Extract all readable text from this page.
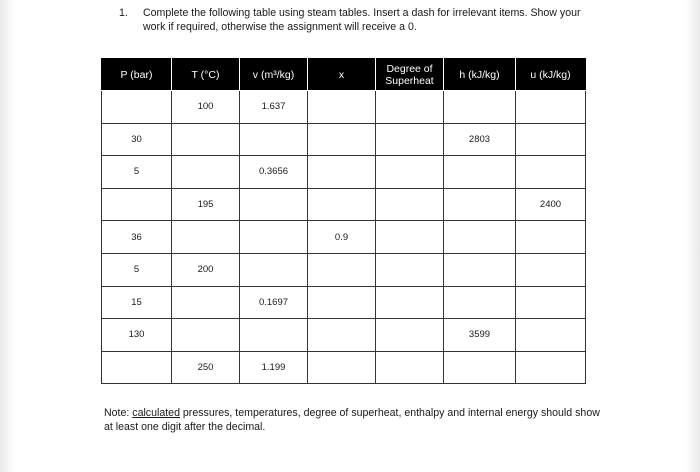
1. Complete the following table using steam tables. Insert a dash for irrelevant items. Show your work if required, otherwise the assignment will receive a 0.
P (bar)	T (°C)	v (m³/kg)	x	Degree of Superheat	h (kJ/kg)	u (kJ/kg)
	100	1.637				
30					2803	
5		0.3656				
	195					2400
36			0.9			
5	200					
15		0.1697				
130					3599	
	250	1.199				
Note: calculated pressures, temperatures, degree of superheat, enthalpy and internal energy should show at least one digit after the decimal.
